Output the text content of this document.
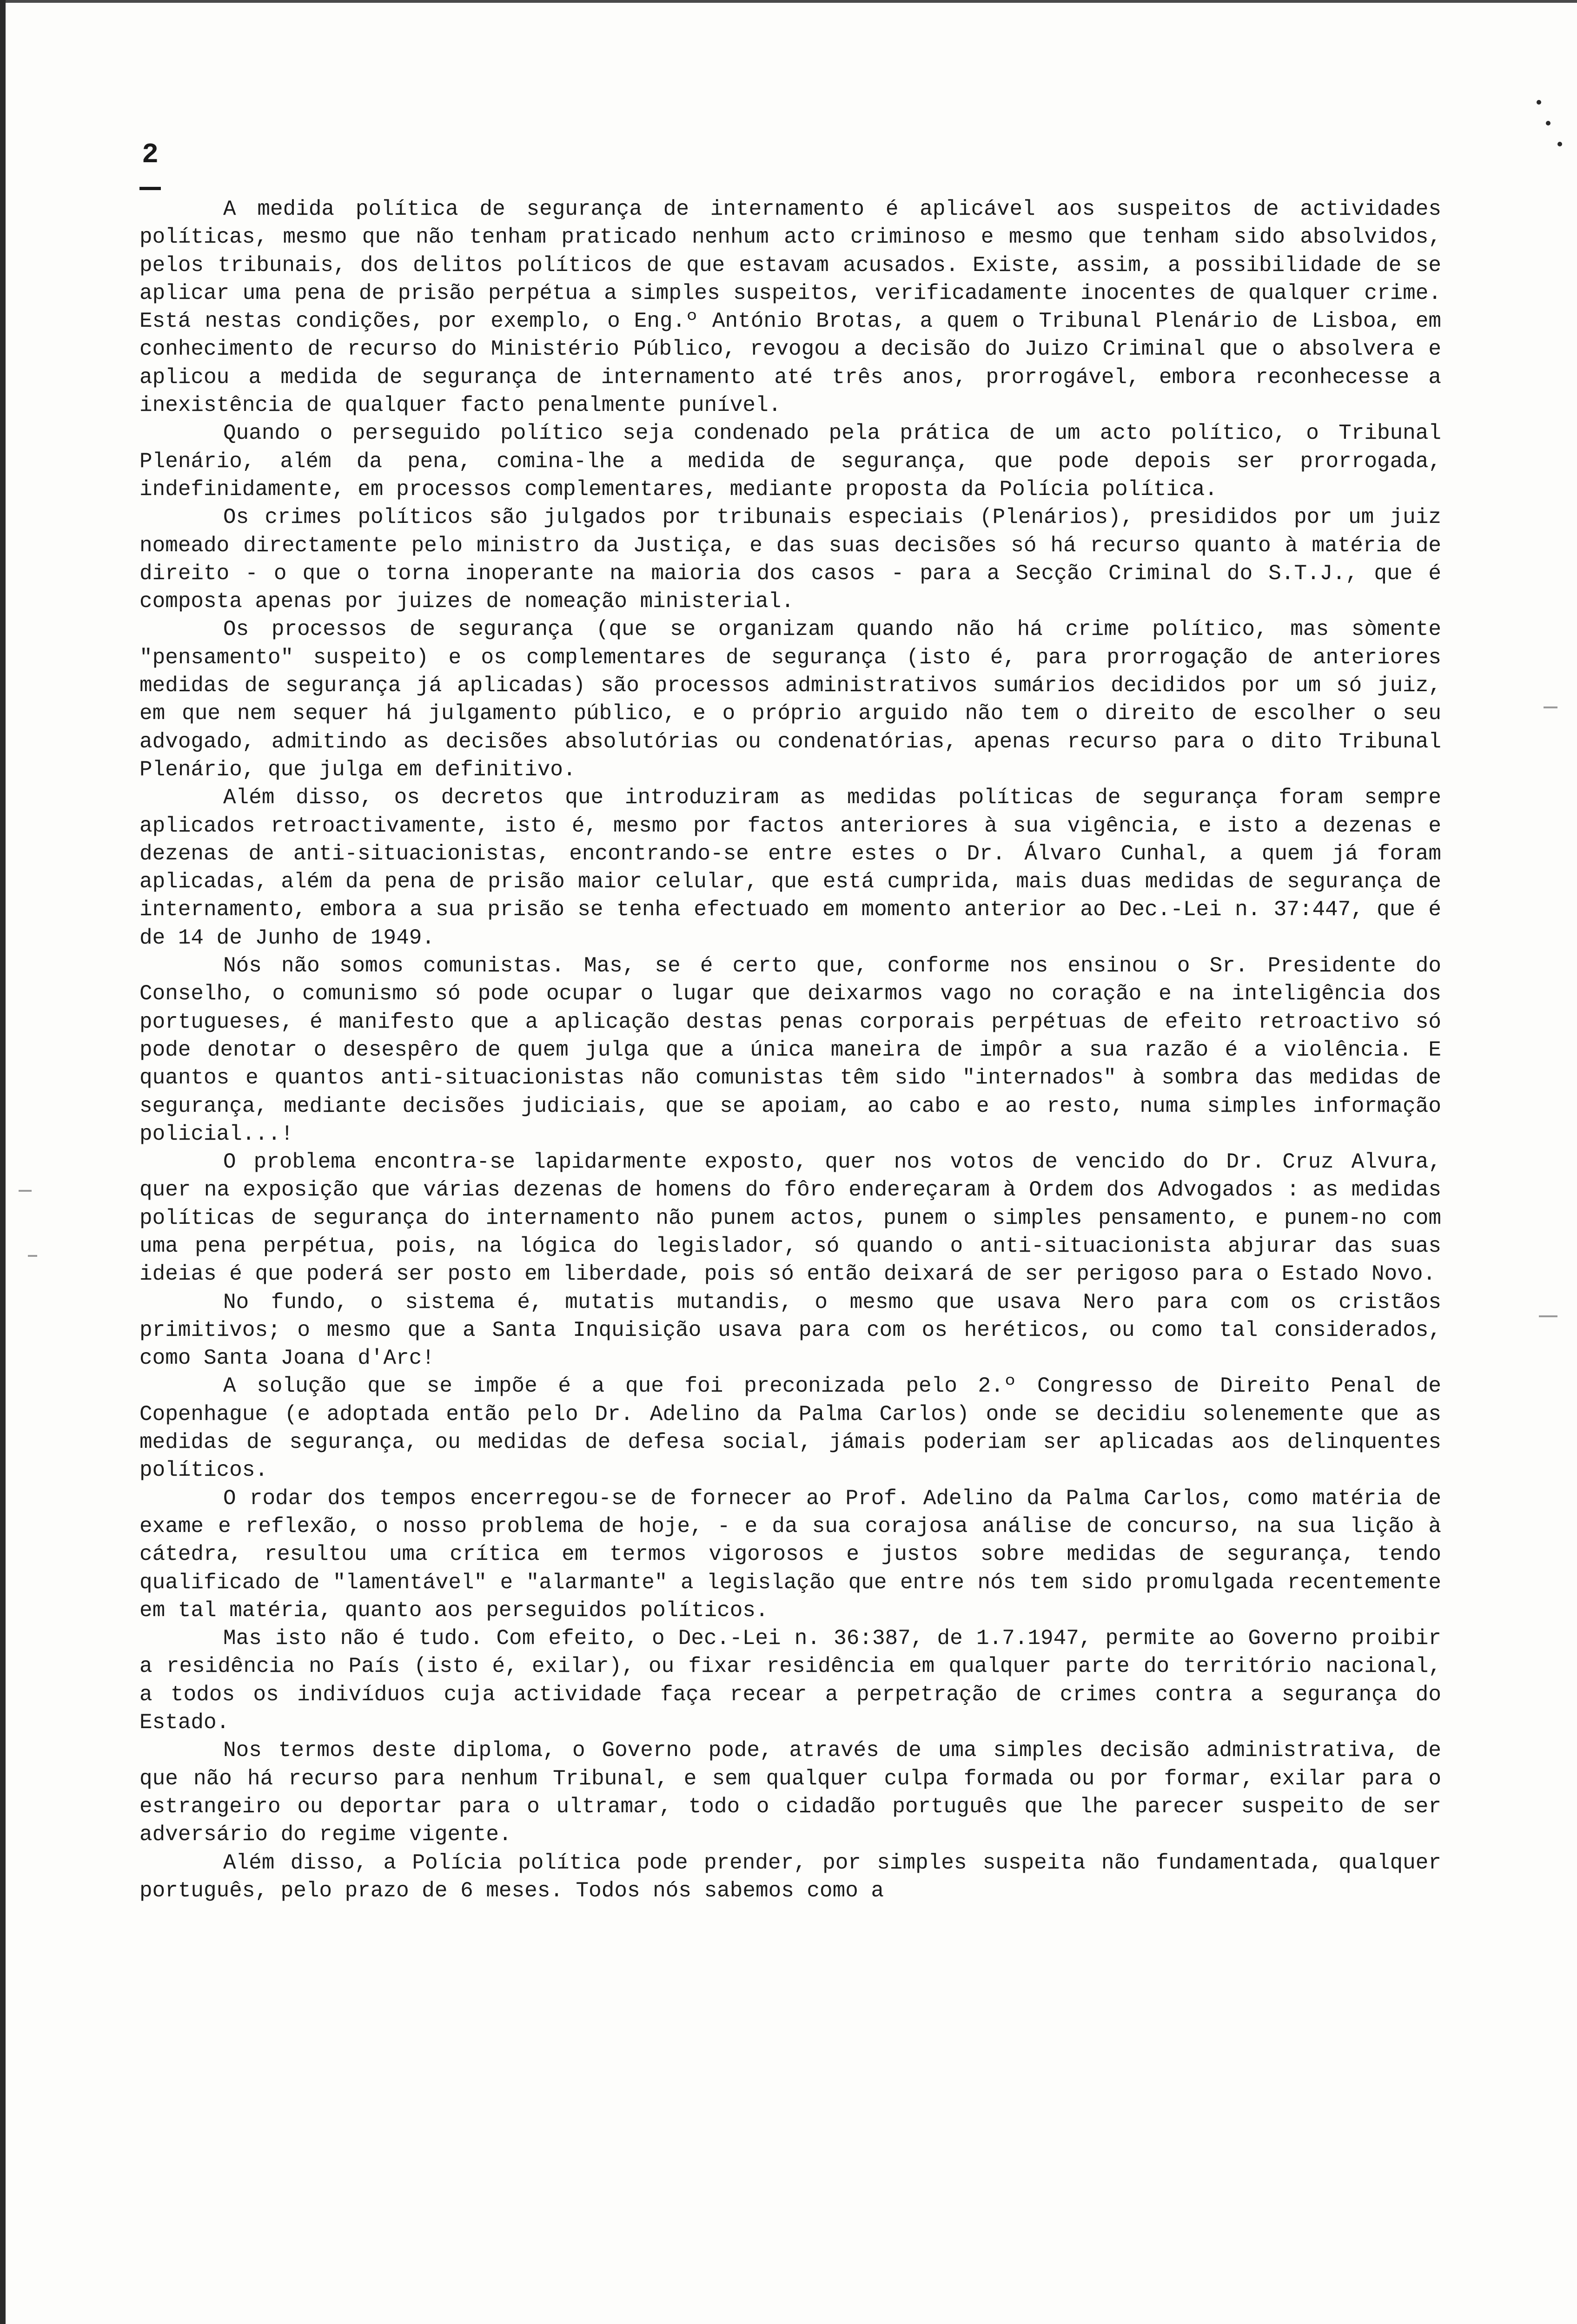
2

A medida política de segurança de internamento é aplicável aos suspeitos de actividades políticas, mesmo que não tenham praticado nenhum acto criminoso e mesmo que tenham sido absolvidos, pelos tribunais, dos delitos políticos de que estavam acusados. Existe, assim, a possibilidade de se aplicar uma pena de prisão perpétua a simples suspeitos, verificadamente inocentes de qualquer crime. Está nestas condições, por exemplo, o Eng.º António Brotas, a quem o Tribunal Plenário de Lisboa, em conhecimento de recurso do Ministério Público, revogou a decisão do Juizo Criminal que o absolvera e aplicou a medida de segurança de internamento até três anos, prorrogável, embora reconhecesse a inexistência de qualquer facto penalmente punível.

Quando o perseguido político seja condenado pela prática de um acto político, o Tribunal Plenário, além da pena, comina-lhe a medida de segurança, que pode depois ser prorrogada, indefinidamente, em processos complementares, mediante proposta da Polícia política.

Os crimes políticos são julgados por tribunais especiais (Plenários), presididos por um juiz nomeado directamente pelo ministro da Justiça, e das suas decisões só há recurso quanto à matéria de direito - o que o torna inoperante na maioria dos casos - para a Secção Criminal do S.T.J., que é composta apenas por juizes de nomeação ministerial.

Os processos de segurança (que se organizam quando não há crime político, mas sòmente "pensamento" suspeito) e os complementares de segurança (isto é, para prorrogação de anteriores medidas de segurança já aplicadas) são processos administrativos sumários decididos por um só juiz, em que nem sequer há julgamento público, e o próprio arguido não tem o direito de escolher o seu advogado, admitindo as decisões absolutórias ou condenatórias, apenas recurso para o dito Tribunal Plenário, que julga em definitivo.

Além disso, os decretos que introduziram as medidas políticas de segurança foram sempre aplicados retroactivamente, isto é, mesmo por factos anteriores à sua vigência, e isto a dezenas e dezenas de anti-situacionistas, encontrando-se entre estes o Dr. Álvaro Cunhal, a quem já foram aplicadas, além da pena de prisão maior celular, que está cumprida, mais duas medidas de segurança de internamento, embora a sua prisão se tenha efectuado em momento anterior ao Dec.-Lei n. 37:447, que é de 14 de Junho de 1949.

Nós não somos comunistas. Mas, se é certo que, conforme nos ensinou o Sr. Presidente do Conselho, o comunismo só pode ocupar o lugar que deixarmos vago no coração e na inteligência dos portugueses, é manifesto que a aplicação destas penas corporais perpétuas de efeito retroactivo só pode denotar o desespêro de quem julga que a única maneira de impôr a sua razão é a violência. E quantos e quantos anti-situacionistas não comunistas têm sido "internados" à sombra das medidas de segurança, mediante decisões judiciais, que se apoiam, ao cabo e ao resto, numa simples informação policial...!

O problema encontra-se lapidarmente exposto, quer nos votos de vencido do Dr. Cruz Alvura, quer na exposição que várias dezenas de homens do fôro endereçaram à Ordem dos Advogados : as medidas políticas de segurança do internamento não punem actos, punem o simples pensamento, e punem-no com uma pena perpétua, pois, na lógica do legislador, só quando o anti-situacionista abjurar das suas ideias é que poderá ser posto em liberdade, pois só então deixará de ser perigoso para o Estado Novo.

No fundo, o sistema é, mutatis mutandis, o mesmo que usava Nero para com os cristãos primitivos; o mesmo que a Santa Inquisição usava para com os heréticos, ou como tal considerados, como Santa Joana d'Arc!

A solução que se impõe é a que foi preconizada pelo 2.º Congresso de Direito Penal de Copenhague (e adoptada então pelo Dr. Adelino da Palma Carlos) onde se decidiu solenemente que as medidas de segurança, ou medidas de defesa social, jámais poderiam ser aplicadas aos delinquentes políticos.

O rodar dos tempos encerregou-se de fornecer ao Prof. Adelino da Palma Carlos, como matéria de exame e reflexão, o nosso problema de hoje, - e da sua corajosa análise de concurso, na sua lição à cátedra, resultou uma crítica em termos vigorosos e justos sobre medidas de segurança, tendo qualificado de "lamentável" e "alarmante" a legislação que entre nós tem sido promulgada recentemente em tal matéria, quanto aos perseguidos políticos.

Mas isto não é tudo. Com efeito, o Dec.-Lei n. 36:387, de 1.7.1947, permite ao Governo proibir a residência no País (isto é, exilar), ou fixar residência em qualquer parte do território nacional, a todos os indivíduos cuja actividade faça recear a perpetração de crimes contra a segurança do Estado.

Nos termos deste diploma, o Governo pode, através de uma simples decisão administrativa, de que não há recurso para nenhum Tribunal, e sem qualquer culpa formada ou por formar, exilar para o estrangeiro ou deportar para o ultramar, todo o cidadão português que lhe parecer suspeito de ser adversário do regime vigente.

Além disso, a Polícia política pode prender, por simples suspeita não fundamentada, qualquer português, pelo prazo de 6 meses. Todos nós sabemos como a
